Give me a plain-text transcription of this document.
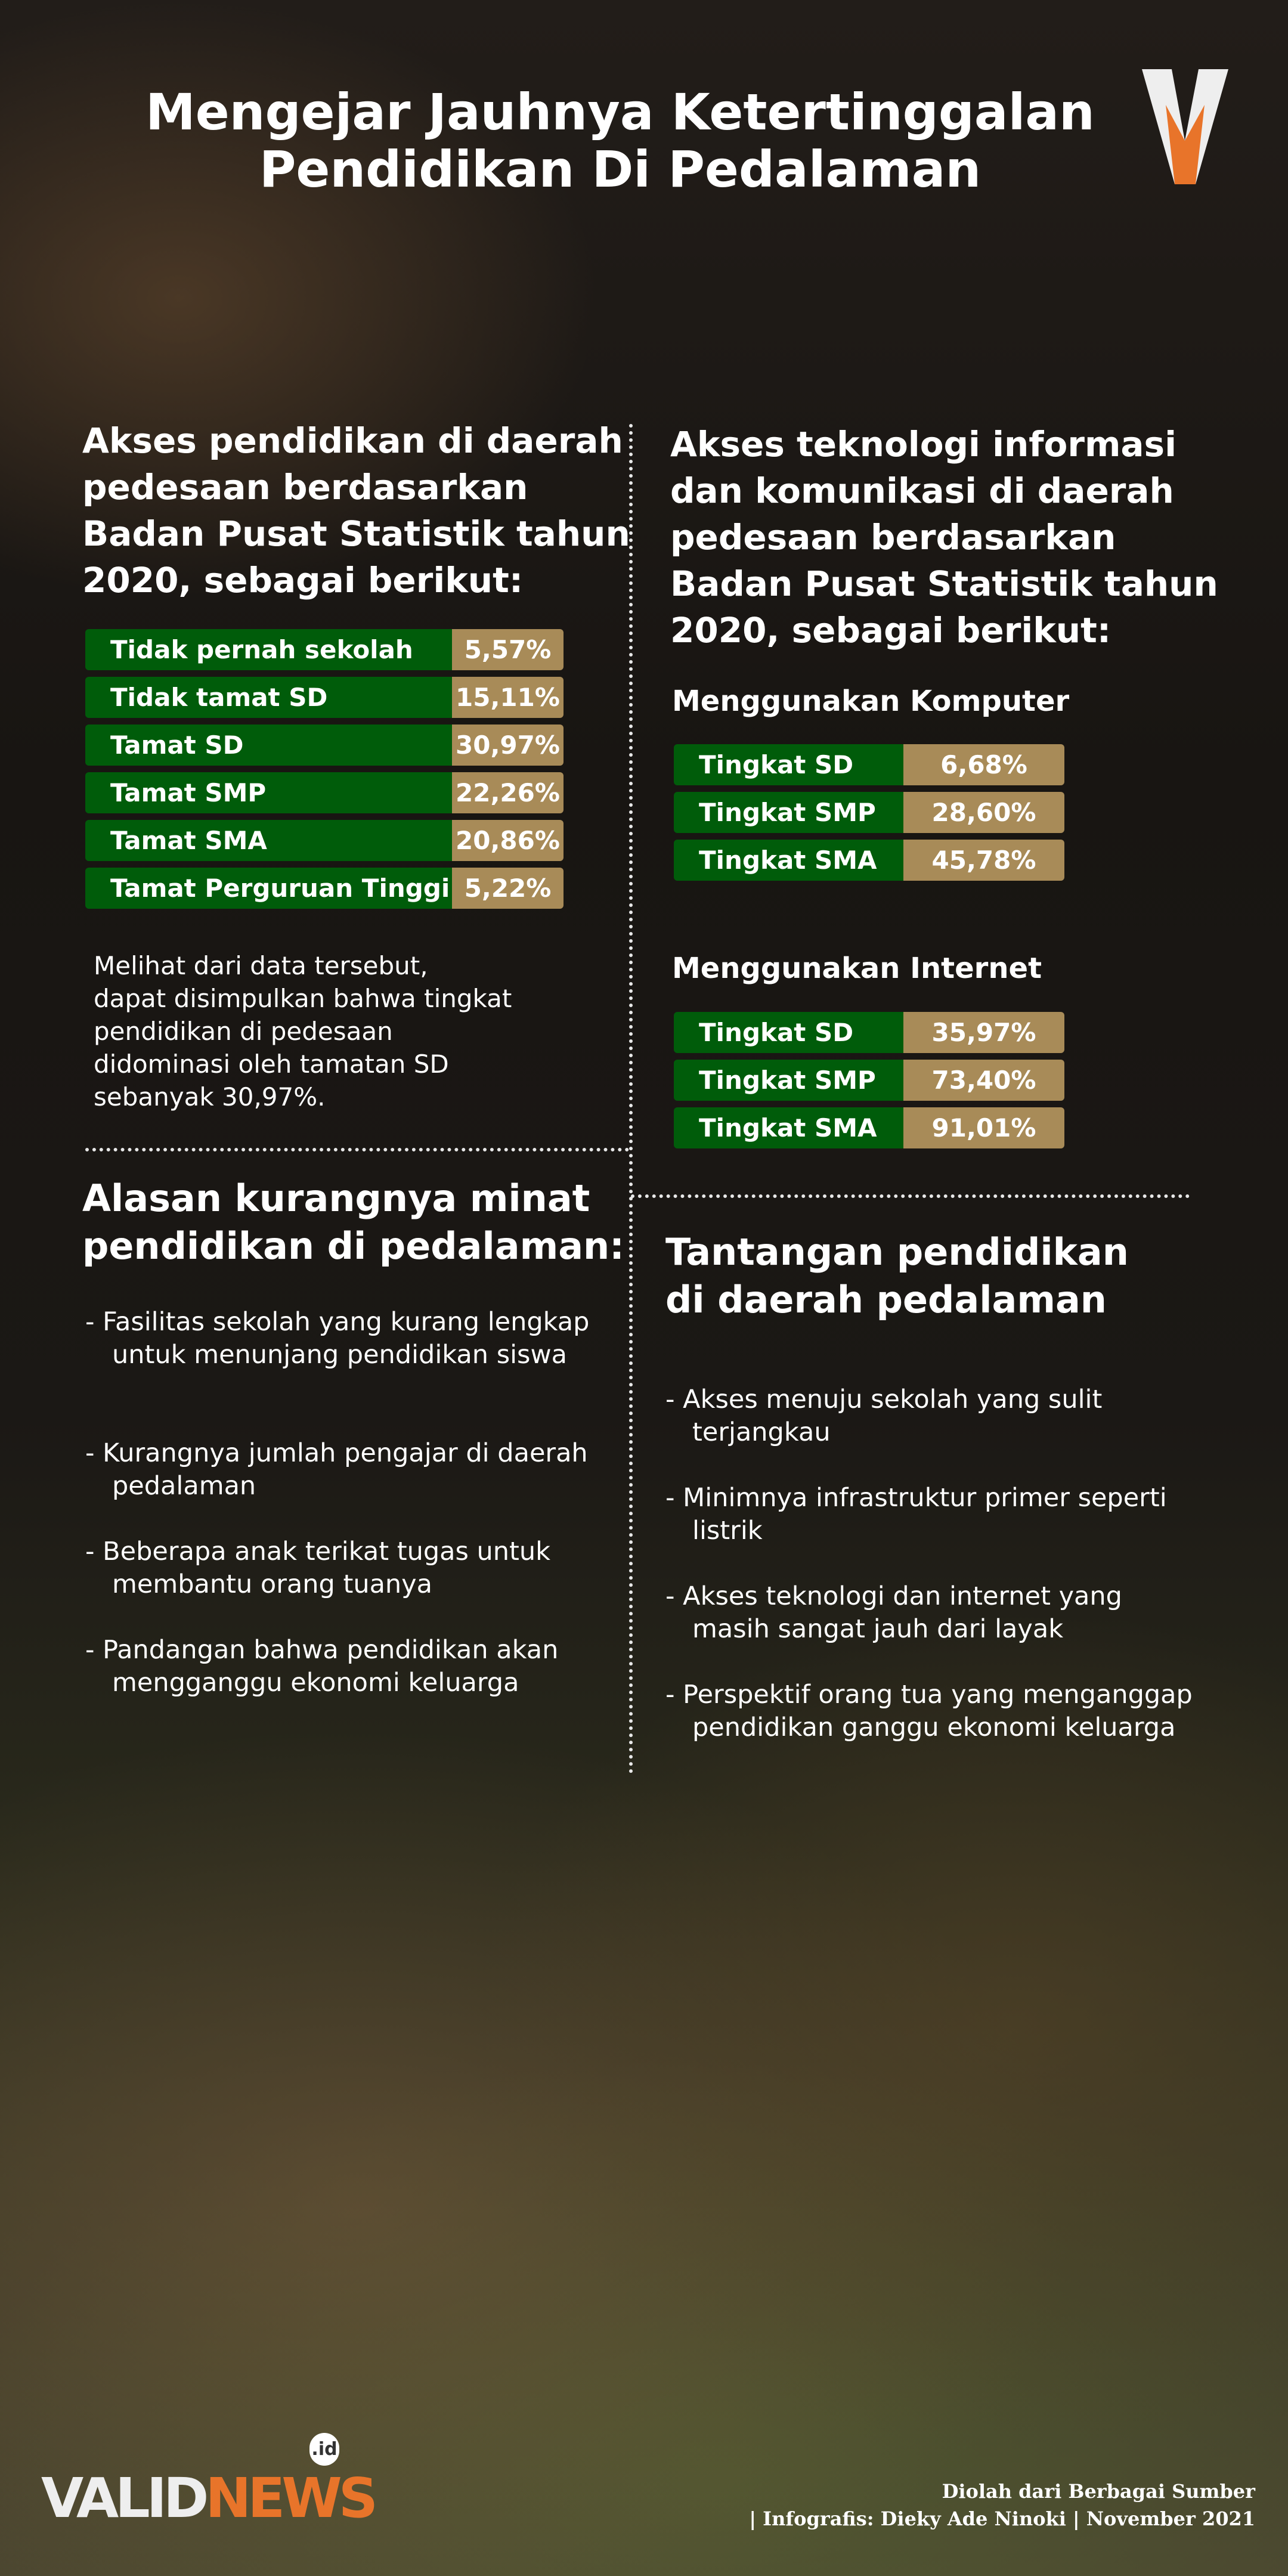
Mengejar Jauhnya Ketertinggalan
Pendidikan Di Pedalaman
Akses pendidikan di daerah
pedesaan berdasarkan
Badan Pusat Statistik tahun
2020, sebagai berikut:
Tidak pernah sekolah	5,57%
Tidak tamat SD	15,11%
Tamat SD	30,97%
Tamat SMP	22,26%
Tamat SMA	20,86%
Tamat Perguruan Tinggi 5,22%
Melihat dari data tersebut,
dapat disimpulkan bahwa tingkat
pendidikan di pedesaan
didominasi oleh tamatan SD
sebanyak 30,97%.
Akses teknologi informasi
dan komunikasi di daerah
pedesaan berdasarkan
Badan Pusat Statistik tahun
2020, sebagai berikut:
Menggunakan Komputer
Tingkat SD	6,68%
Tingkat SMP	28,60%
Tingkat SMA	45,78%
Menggunakan Internet
Tingkat SD	35,97%
Tingkat SMP	73,40%
Tingkat SMA	91,01%
Alasan kurangnya minat
pendidikan di pedalaman:
- Fasilitas sekolah yang kurang lengkap untuk menunjang pendidikan siswa
- Kurangnya jumlah pengajar di daerah pedalaman
- Beberapa anak terikat tugas untuk membantu orang tuanya
- Pandangan bahwa pendidikan akan mengganggu ekonomi keluarga
Tantangan pendidikan
di daerah pedalaman
- Akses menuju sekolah yang sulit terjangkau
- Minimnya infrastruktur primer seperti listrik
- Akses teknologi dan internet yang masih sangat jauh dari layak
- Perspektif orang tua yang menganggap pendidikan ganggu ekonomi keluarga
VALIDNEWS
.id
Diolah dari Berbagai Sumber
| Infografis: Dieky Ade Ninoki | November 2021
